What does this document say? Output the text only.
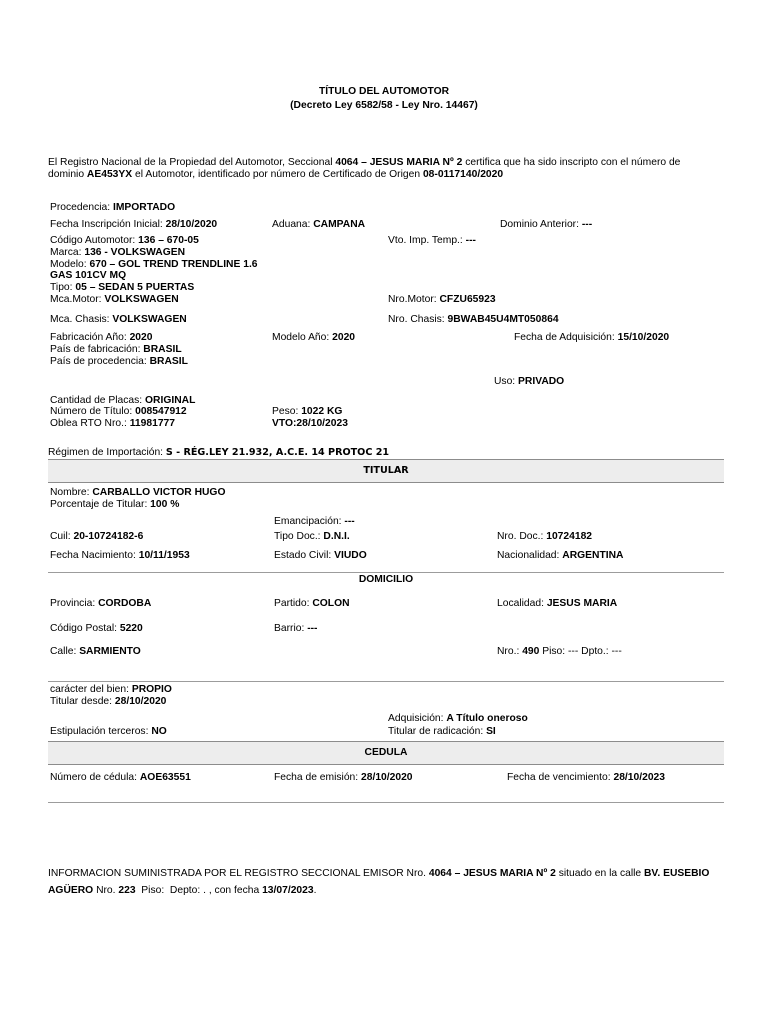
TÍTULO DEL AUTOMOTOR
(Decreto Ley 6582/58 - Ley Nro. 14467)
El Registro Nacional de la Propiedad del Automotor, Seccional 4064 – JESUS MARIA Nº 2 certifica que ha sido inscripto con el número de
dominio AE453YX el Automotor, identificado por número de Certificado de Origen 08-0117140/2020
Procedencia: IMPORTADO
Fecha Inscripción Inicial: 28/10/2020	Aduana: CAMPANA	Dominio Anterior: ---
Código Automotor: 136 – 670-05	Vto. Imp. Temp.: ---
Marca: 136 - VOLKSWAGEN
Modelo: 670 – GOL TREND TRENDLINE 1.6
GAS 101CV MQ
Tipo: 05 – SEDAN 5 PUERTAS
Mca.Motor: VOLKSWAGEN	Nro.Motor: CFZU65923
Mca. Chasis: VOLKSWAGEN	Nro. Chasis: 9BWAB45U4MT050864
Fabricación Año: 2020	Modelo Año: 2020	Fecha de Adquisición: 15/10/2020
País de fabricación: BRASIL
País de procedencia: BRASIL
Uso: PRIVADO
Cantidad de Placas: ORIGINAL
Número de Título: 008547912	Peso: 1022 KG
Oblea RTO Nro.: 11981777	VTO:28/10/2023
Régimen de Importación: S - RÉG.LEY 21.932, A.C.E. 14 PROTOC 21
TITULAR
Nombre: CARBALLO VICTOR HUGO
Porcentaje de Titular: 100 %
Emancipación: ---
Cuil: 20-10724182-6	Tipo Doc.: D.N.I.	Nro. Doc.: 10724182
Fecha Nacimiento: 10/11/1953	Estado Civil: VIUDO	Nacionalidad: ARGENTINA
DOMICILIO
Provincia: CORDOBA	Partido: COLON	Localidad: JESUS MARIA
Código Postal: 5220	Barrio: ---
Calle: SARMIENTO	Nro.: 490 Piso: --- Dpto.: ---
carácter del bien: PROPIO
Titular desde: 28/10/2020
Adquisición: A Título oneroso
Estipulación terceros: NO	Titular de radicación: SI
CEDULA
Número de cédula: AOE63551	Fecha de emisión: 28/10/2020	Fecha de vencimiento: 28/10/2023
INFORMACION SUMINISTRADA POR EL REGISTRO SECCIONAL EMISOR Nro. 4064 – JESUS MARIA Nº 2 situado en la calle BV. EUSEBIO
AGÜERO Nro. 223  Piso:  Depto: . , con fecha 13/07/2023.
